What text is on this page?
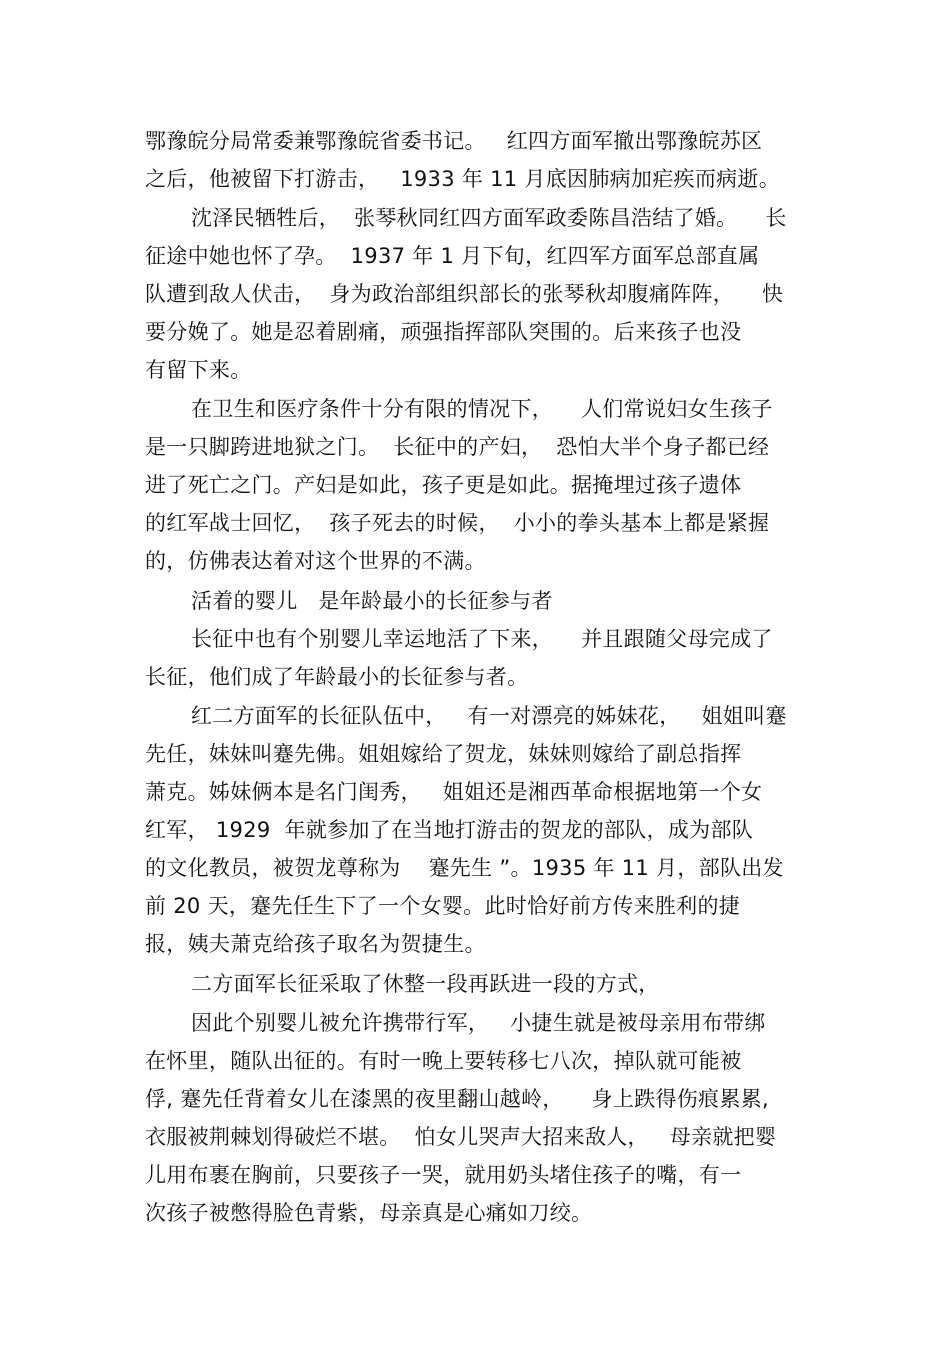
鄂豫皖分局常委兼鄂豫皖省委书记。   红四方面军撤出鄂豫皖苏区
之后，他被留下打游击，   1933 年 11 月底因肺病加疟疾而病逝。
沈泽民牺牲后，  张琴秋同红四方面军政委陈昌浩结了婚。    长
征途中她也怀了孕。  1937 年 1 月下旬，红四军方面军总部直属
队遭到敌人伏击，  身为政治部组织部长的张琴秋却腹痛阵阵，    快
要分娩了。她是忍着剧痛，顽强指挥部队突围的。后来孩子也没
有留下来。
在卫生和医疗条件十分有限的情况下，    人们常说妇女生孩子
是一只脚跨进地狱之门。  长征中的产妇，  恐怕大半个身子都已经
进了死亡之门。产妇是如此，孩子更是如此。据掩埋过孩子遗体
的红军战士回忆，  孩子死去的时候，  小小的拳头基本上都是紧握
的，仿佛表达着对这个世界的不满。
活着的婴儿   是年龄最小的长征参与者
长征中也有个别婴儿幸运地活了下来，    并且跟随父母完成了
长征，他们成了年龄最小的长征参与者。
红二方面军的长征队伍中，   有一对漂亮的姊妹花，   姐姐叫蹇
先任，妹妹叫蹇先佛。姐姐嫁给了贺龙，妹妹则嫁给了副总指挥
萧克。姊妹俩本是名门闺秀，   姐姐还是湘西革命根据地第一个女
红军， 1929  年就参加了在当地打游击的贺龙的部队，成为部队
的文化教员，被贺龙尊称为    蹇先生 ”。1935 年 11 月，部队出发
前 20 天，蹇先任生下了一个女婴。此时恰好前方传来胜利的捷
报，姨夫萧克给孩子取名为贺捷生。
二方面军长征采取了休整一段再跃进一段的方式，
因此个别婴儿被允许携带行军，   小捷生就是被母亲用布带绑
在怀里，随队出征的。有时一晚上要转移七八次，掉队就可能被
俘, 蹇先任背着女儿在漆黑的夜里翻山越岭，    身上跌得伤痕累累,
衣服被荆棘划得破烂不堪。  怕女儿哭声大招来敌人，   母亲就把婴
儿用布裹在胸前，只要孩子一哭，就用奶头堵住孩子的嘴，有一
次孩子被憋得脸色青紫，母亲真是心痛如刀绞。
